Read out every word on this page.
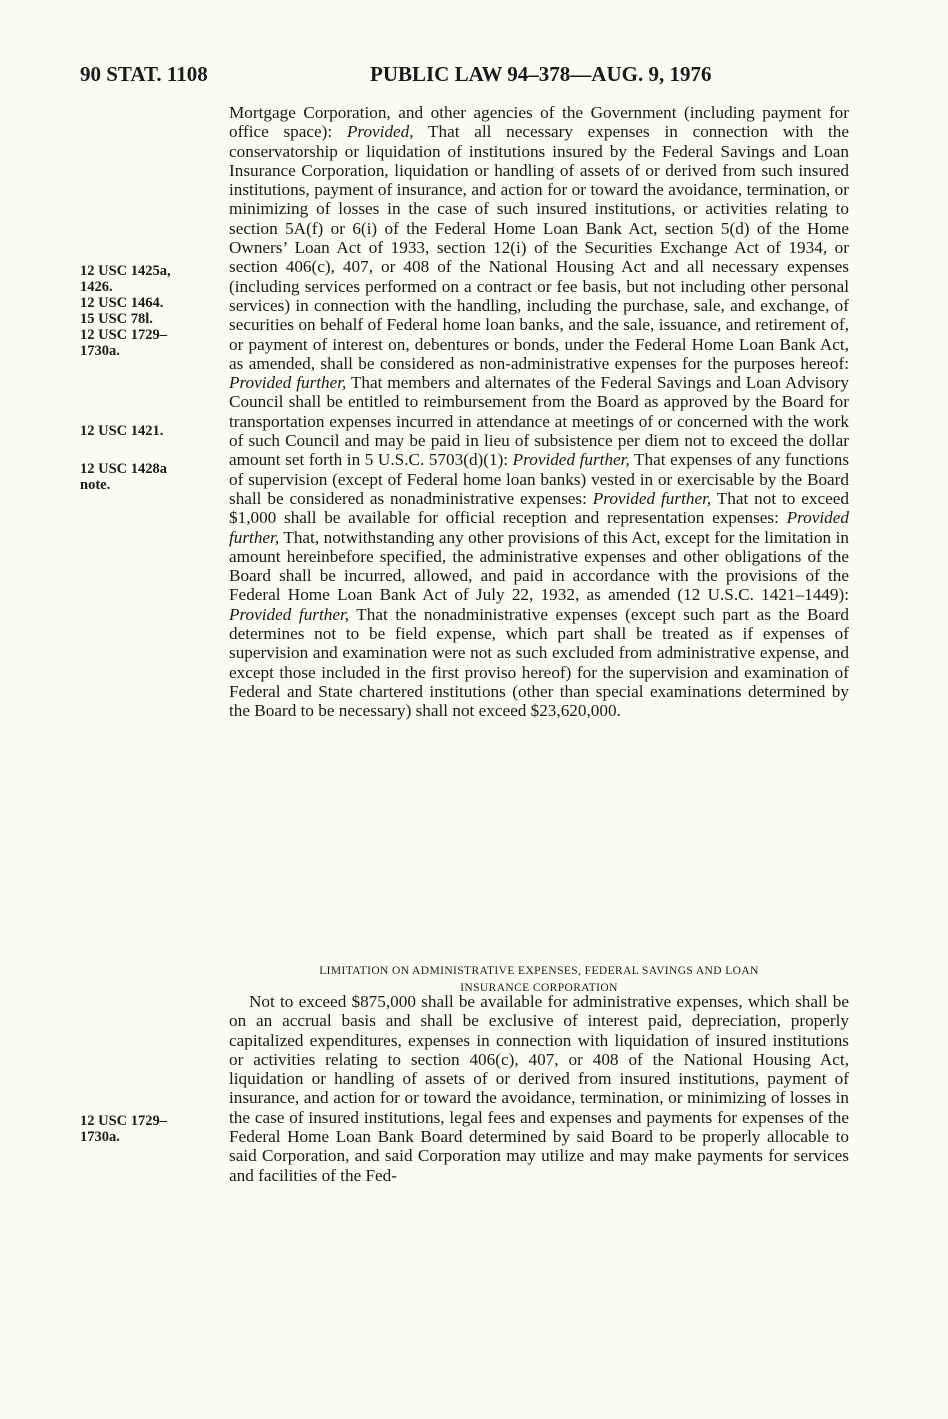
90 STAT. 1108	PUBLIC LAW 94–378—AUG. 9, 1976
12 USC 1425a,
1426.
12 USC 1464.
15 USC 78l.
12 USC 1729–
1730a.
12 USC 1421.
12 USC 1428a
note.
12 USC 1729–
1730a.

Mortgage Corporation, and other agencies of the Government (including payment for office space): Provided, That all necessary expenses in connection with the conservatorship or liquidation of institutions insured by the Federal Savings and Loan Insurance Corporation, liquidation or handling of assets of or derived from such insured institutions, payment of insurance, and action for or toward the avoidance, termination, or minimizing of losses in the case of such insured institutions, or activities relating to section 5A(f) or 6(i) of the Federal Home Loan Bank Act, section 5(d) of the Home Owners’ Loan Act of 1933, section 12(i) of the Securities Exchange Act of 1934, or section 406(c), 407, or 408 of the National Housing Act and all necessary expenses (including services performed on a contract or fee basis, but not including other personal services) in connection with the handling, including the purchase, sale, and exchange, of securities on behalf of Federal home loan banks, and the sale, issuance, and retirement of, or payment of interest on, debentures or bonds, under the Federal Home Loan Bank Act, as amended, shall be considered as non-administrative expenses for the purposes hereof: Provided further, That members and alternates of the Federal Savings and Loan Advisory Council shall be entitled to reimbursement from the Board as approved by the Board for transportation expenses incurred in attendance at meetings of or concerned with the work of such Council and may be paid in lieu of subsistence per diem not to exceed the dollar amount set forth in 5 U.S.C. 5703(d)(1): Provided further, That expenses of any functions of supervision (except of Federal home loan banks) vested in or exercisable by the Board shall be considered as nonadministrative expenses: Provided further, That not to exceed $1,000 shall be available for official reception and representation expenses: Provided further, That, notwithstanding any other provisions of this Act, except for the limitation in amount hereinbefore specified, the administrative expenses and other obligations of the Board shall be incurred, allowed, and paid in accordance with the provisions of the Federal Home Loan Bank Act of July 22, 1932, as amended (12 U.S.C. 1421–1449): Provided further, That the nonadministrative expenses (except such part as the Board determines not to be field expense, which part shall be treated as if expenses of supervision and examination were not as such excluded from administrative expense, and except those included in the first proviso hereof) for the supervision and examination of Federal and State chartered institutions (other than special examinations determined by the Board to be necessary) shall not exceed $23,620,000.

LIMITATION ON ADMINISTRATIVE EXPENSES, FEDERAL SAVINGS AND LOAN
INSURANCE CORPORATION

Not to exceed $875,000 shall be available for administrative expenses, which shall be on an accrual basis and shall be exclusive of interest paid, depreciation, properly capitalized expenditures, expenses in connection with liquidation of insured institutions or activities relating to section 406(c), 407, or 408 of the National Housing Act, liquidation or handling of assets of or derived from insured institutions, payment of insurance, and action for or toward the avoidance, termination, or minimizing of losses in the case of insured institutions, legal fees and expenses and payments for expenses of the Federal Home Loan Bank Board determined by said Board to be properly allocable to said Corporation, and said Corporation may utilize and may make payments for services and facilities of the Fed-
